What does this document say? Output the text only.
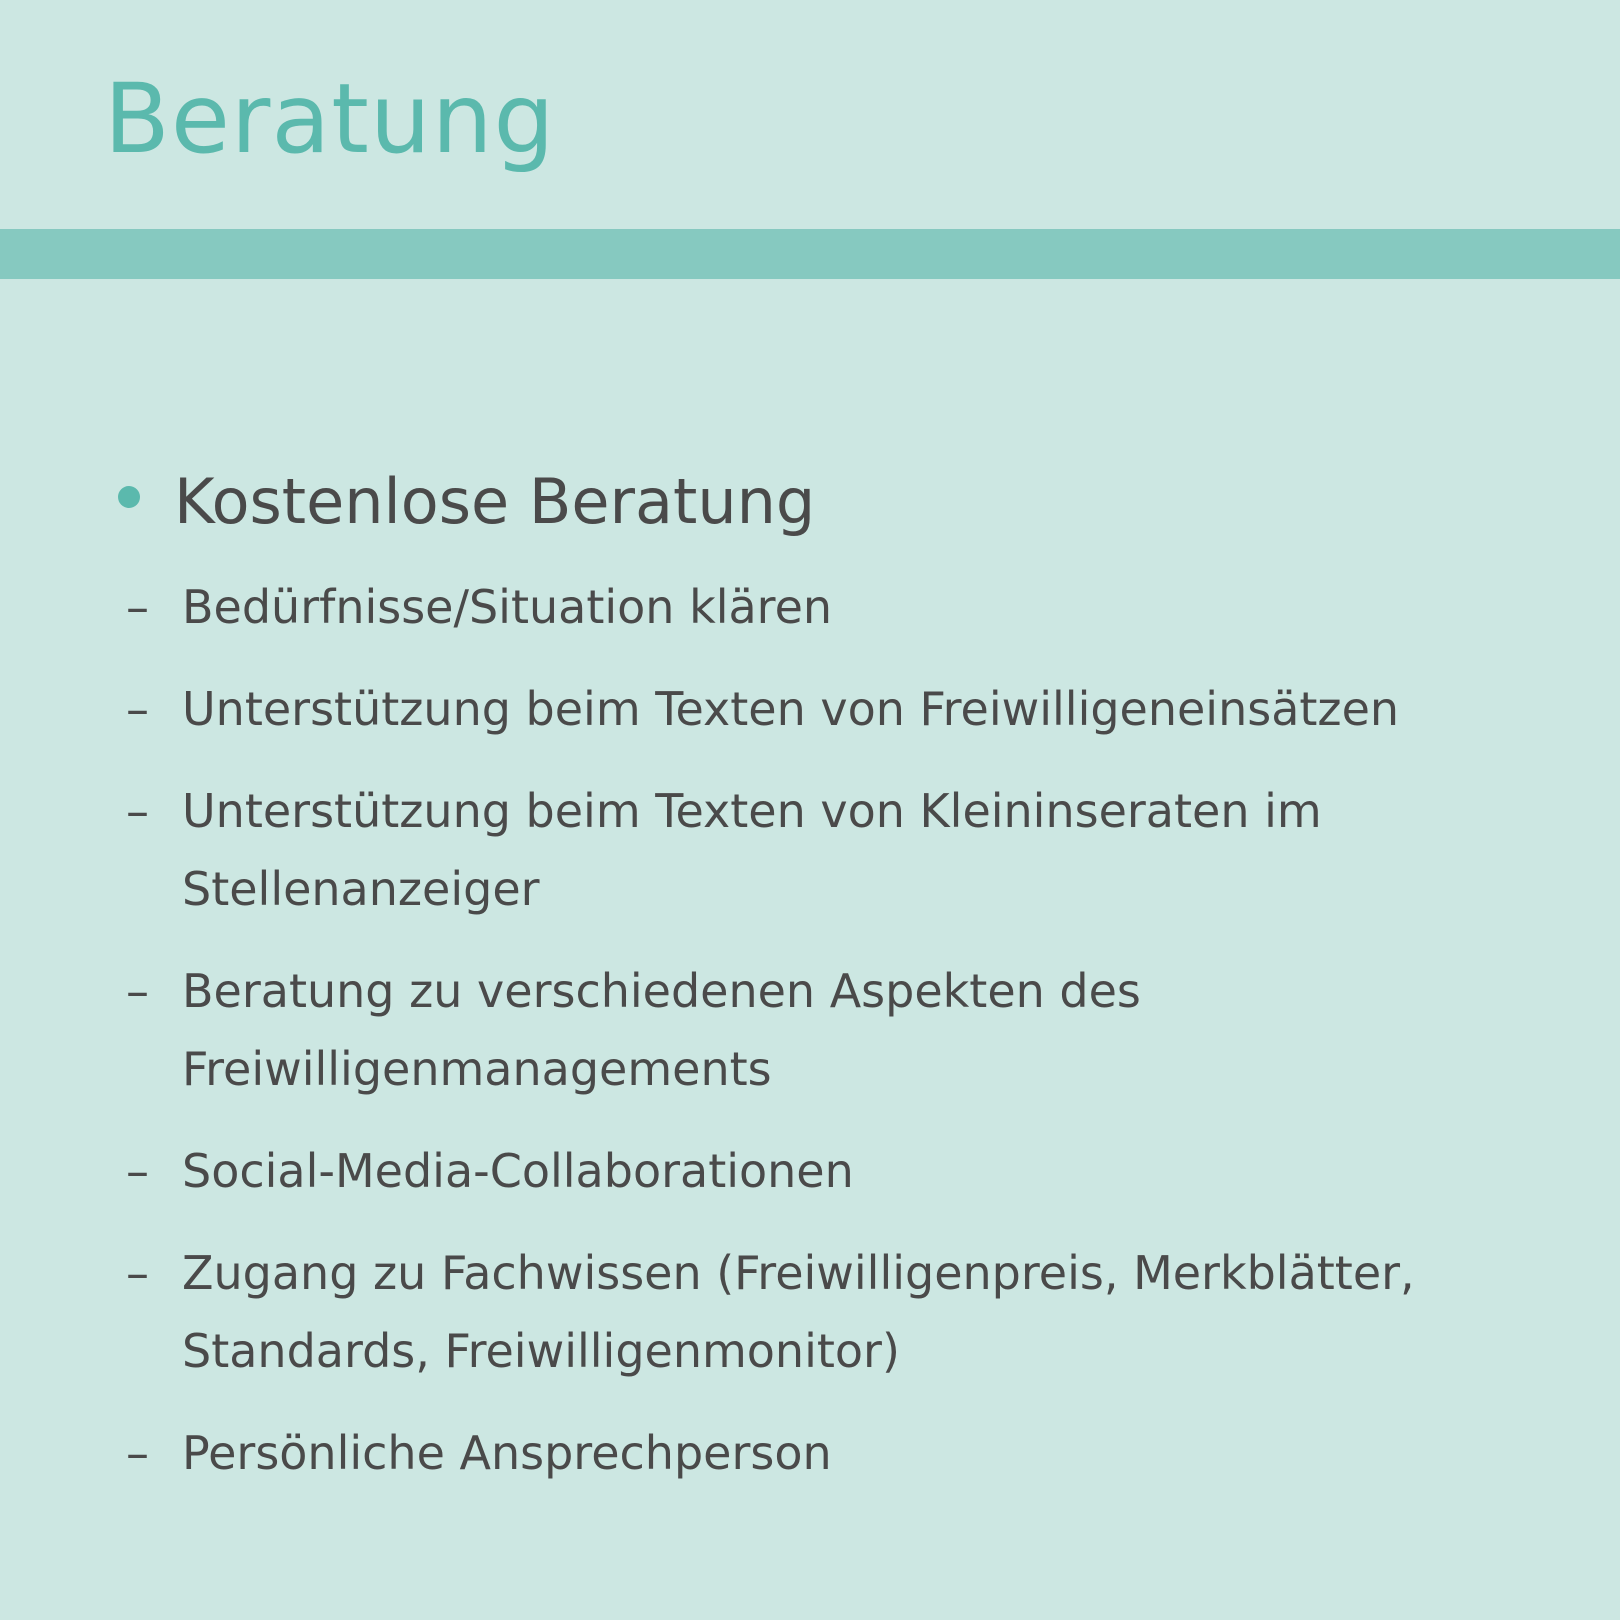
Beratung
Kostenlose Beratung
– Bedürfnisse/Situation klären
– Unterstützung beim Texten von Freiwilligeneinsätzen
– Unterstützung beim Texten von Kleininseraten im Stellenanzeiger
– Beratung zu verschiedenen Aspekten des Freiwilligenmanagements
– Social-Media-Collaborationen
– Zugang zu Fachwissen (Freiwilligenpreis, Merkblätter, Standards, Freiwilligenmonitor)
– Persönliche Ansprechperson
